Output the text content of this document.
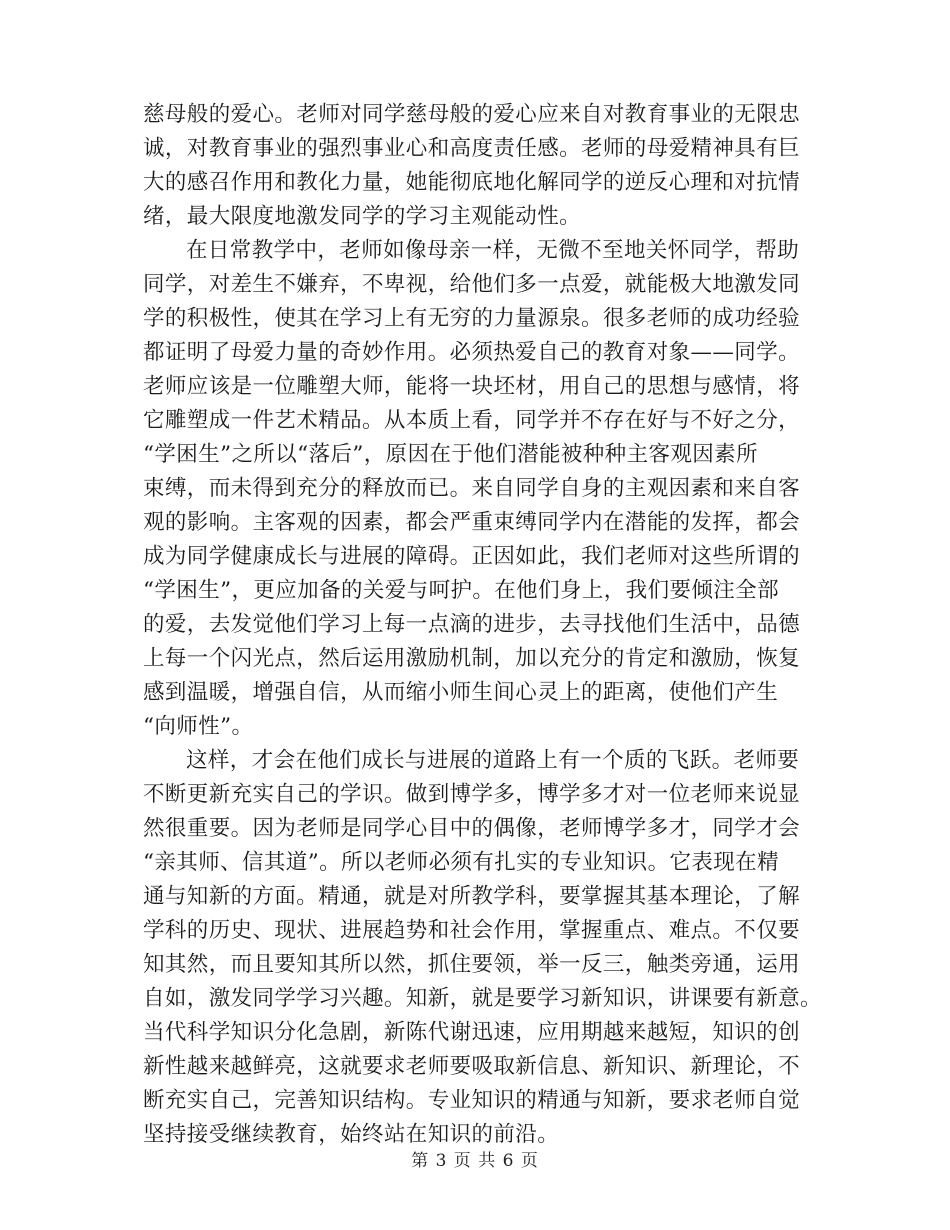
慈母般的爱心。老师对同学慈母般的爱心应来自对教育事业的无限忠
诚，对教育事业的强烈事业心和高度责任感。老师的母爱精神具有巨
大的感召作用和教化力量，她能彻底地化解同学的逆反心理和对抗情
绪，最大限度地激发同学的学习主观能动性。
在日常教学中，老师如像母亲一样，无微不至地关怀同学，帮助
同学，对差生不嫌弃，不卑视，给他们多一点爱，就能极大地激发同
学的积极性，使其在学习上有无穷的力量源泉。很多老师的成功经验
都证明了母爱力量的奇妙作用。必须热爱自己的教育对象——同学。
老师应该是一位雕塑大师，能将一块坯材，用自己的思想与感情，将
它雕塑成一件艺术精品。从本质上看，同学并不存在好与不好之分，
“学困生”之所以“落后”，原因在于他们潜能被种种主客观因素所
束缚，而未得到充分的释放而已。来自同学自身的主观因素和来自客
观的影响。主客观的因素，都会严重束缚同学内在潜能的发挥，都会
成为同学健康成长与进展的障碍。正因如此，我们老师对这些所谓的
“学困生”，更应加备的关爱与呵护。在他们身上，我们要倾注全部
的爱，去发觉他们学习上每一点滴的进步，去寻找他们生活中，品德
上每一个闪光点，然后运用激励机制，加以充分的肯定和激励，恢复
感到温暖，增强自信，从而缩小师生间心灵上的距离，使他们产生
“向师性”。
这样，才会在他们成长与进展的道路上有一个质的飞跃。老师要
不断更新充实自己的学识。做到博学多，博学多才对一位老师来说显
然很重要。因为老师是同学心目中的偶像，老师博学多才，同学才会
“亲其师、信其道”。所以老师必须有扎实的专业知识。它表现在精
通与知新的方面。精通，就是对所教学科，要掌握其基本理论，了解
学科的历史、现状、进展趋势和社会作用，掌握重点、难点。不仅要
知其然，而且要知其所以然，抓住要领，举一反三，触类旁通，运用
自如，激发同学学习兴趣。知新，就是要学习新知识，讲课要有新意。
当代科学知识分化急剧，新陈代谢迅速，应用期越来越短，知识的创
新性越来越鲜亮，这就要求老师要吸取新信息、新知识、新理论，不
断充实自己，完善知识结构。专业知识的精通与知新，要求老师自觉
坚持接受继续教育，始终站在知识的前沿。
第 3 页 共 6 页
